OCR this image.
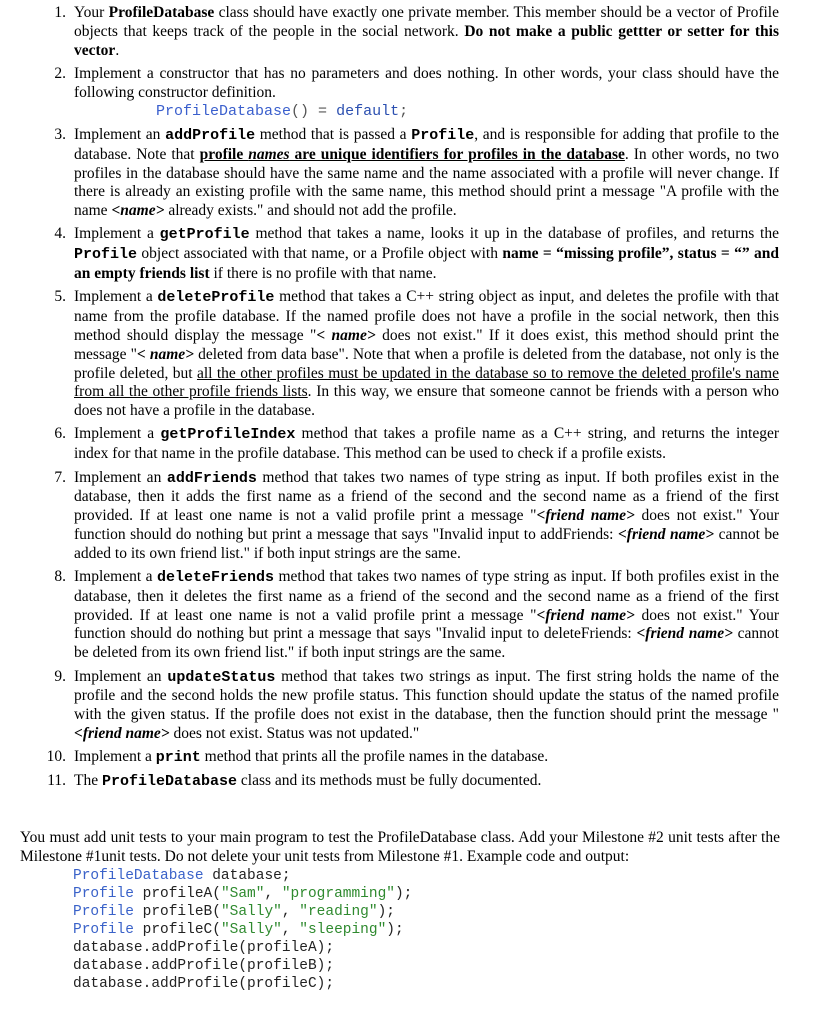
1. Your ProfileDatabase class should have exactly one private member. This member should be a vector of Profile objects that keeps track of the people in the social network. Do not make a public gettter or setter for this vector.
2. Implement a constructor that has no parameters and does nothing. In other words, your class should have the following constructor definition.
ProfileDatabase() = default;
3. Implement an addProfile method that is passed a Profile, and is responsible for adding that profile to the database. Note that profile names are unique identifiers for profiles in the database. In other words, no two profiles in the database should have the same name and the name associated with a profile will never change. If there is already an existing profile with the same name, this method should print a message "A profile with the name <name> already exists." and should not add the profile.
4. Implement a getProfile method that takes a name, looks it up in the database of profiles, and returns the Profile object associated with that name, or a Profile object with name = “missing profile”, status = “” and an empty friends list if there is no profile with that name.
5. Implement a deleteProfile method that takes a C++ string object as input, and deletes the profile with that name from the profile database. If the named profile does not have a profile in the social network, then this method should display the message "< name> does not exist." If it does exist, this method should print the message "< name> deleted from data base". Note that when a profile is deleted from the database, not only is the profile deleted, but all the other profiles must be updated in the database so to remove the deleted profile's name from all the other profile friends lists. In this way, we ensure that someone cannot be friends with a person who does not have a profile in the database.
6. Implement a getProfileIndex method that takes a profile name as a C++ string, and returns the integer index for that name in the profile database. This method can be used to check if a profile exists.
7. Implement an addFriends method that takes two names of type string as input. If both profiles exist in the database, then it adds the first name as a friend of the second and the second name as a friend of the first provided. If at least one name is not a valid profile print a message "<friend name> does not exist." Your function should do nothing but print a message that says "Invalid input to addFriends: <friend name> cannot be added to its own friend list." if both input strings are the same.
8. Implement a deleteFriends method that takes two names of type string as input. If both profiles exist in the database, then it deletes the first name as a friend of the second and the second name as a friend of the first provided. If at least one name is not a valid profile print a message "<friend name> does not exist." Your function should do nothing but print a message that says "Invalid input to deleteFriends: <friend name> cannot be deleted from its own friend list." if both input strings are the same.
9. Implement an updateStatus method that takes two strings as input. The first string holds the name of the profile and the second holds the new profile status. This function should update the status of the named profile with the given status. If the profile does not exist in the database, then the function should print the message "<friend name> does not exist. Status was not updated."
10. Implement a print method that prints all the profile names in the database.
11. The ProfileDatabase class and its methods must be fully documented.

You must add unit tests to your main program to test the ProfileDatabase class. Add your Milestone #2 unit tests after the Milestone #1unit tests. Do not delete your unit tests from Milestone #1. Example code and output:

ProfileDatabase database;
Profile profileA("Sam", "programming");
Profile profileB("Sally", "reading");
Profile profileC("Sally", "sleeping");
database.addProfile(profileA);
database.addProfile(profileB);
database.addProfile(profileC);
